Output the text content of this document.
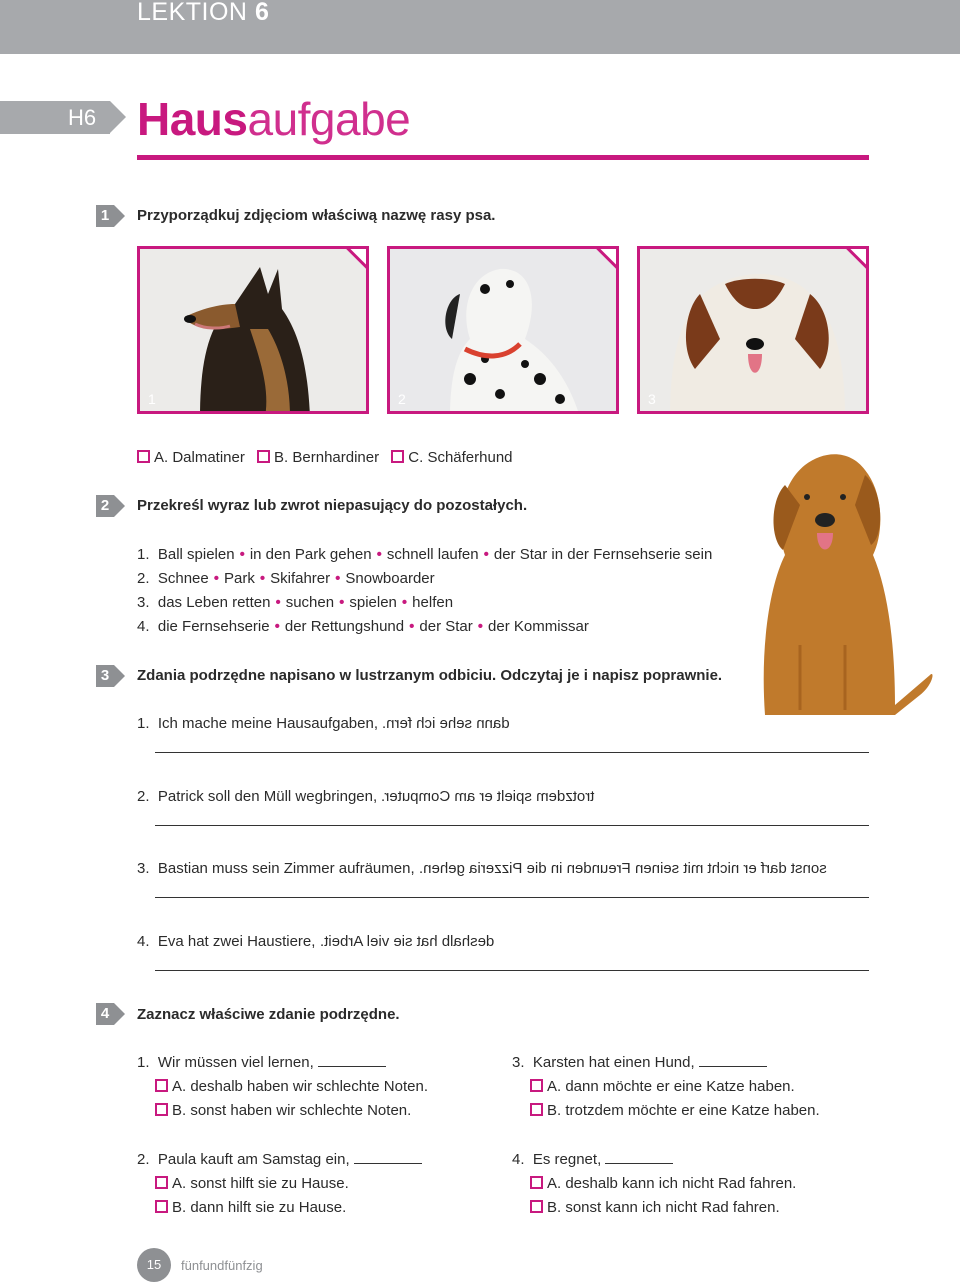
LEKTION 6
H6 Hausaufgabe
1	Przyporządkuj zdjęciom właściwą nazwę rasy psa.
1	2	3
A. Dalmatiner B. Bernhardiner C. Schäferhund
2	Przekreśl wyraz lub zwrot niepasujący do pozostałych.
1. Ball spielen • in den Park gehen • schnell laufen • der Star in der Fernsehserie sein
2. Schnee • Park • Skifahrer • Snowboarder
3. das Leben retten • suchen • spielen • helfen
4. die Fernsehserie • der Rettungshund • der Star • der Kommissar
3	Zdania podrzędne napisano w lustrzanym odbiciu. Odczytaj je i napisz poprawnie.
1. Ich mache meine Hausaufgaben, dann sehe ich fern.
2. Patrick soll den Müll wegbringen, trotzdem spielt er am Computer.
3. Bastian muss sein Zimmer aufräumen, sonst darf er nicht mit seinen Freunden in die Pizzeria gehen.
4. Eva hat zwei Haustiere, deshalb hat sie viel Arbeit.
4	Zaznacz właściwe zdanie podrzędne.
1. Wir müssen viel lernen,
A. deshalb haben wir schlechte Noten.
B. sonst haben wir schlechte Noten.
2. Paula kauft am Samstag ein,
A. sonst hilft sie zu Hause.
B. dann hilft sie zu Hause.
3. Karsten hat einen Hund,
A. dann möchte er eine Katze haben.
B. trotzdem möchte er eine Katze haben.
4. Es regnet,
A. deshalb kann ich nicht Rad fahren.
B. sonst kann ich nicht Rad fahren.
15	fünfundfünfzig
